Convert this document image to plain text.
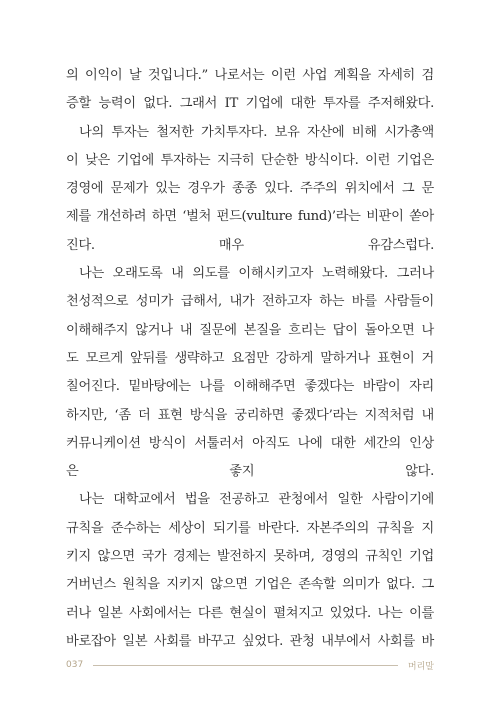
의 이익이 날 것입니다.” 나로서는 이런 사업 계획을 자세히 검
증할 능력이 없다. 그래서 IT 기업에 대한 투자를 주저해왔다.

나의 투자는 철저한 가치투자다. 보유 자산에 비해 시가총액
이 낮은 기업에 투자하는 지극히 단순한 방식이다. 이런 기업은
경영에 문제가 있는 경우가 종종 있다. 주주의 위치에서 그 문
제를 개선하려 하면 ‘벌처 펀드(vulture fund)’라는 비판이 쏟아
진다. 매우 유감스럽다.

나는 오래도록 내 의도를 이해시키고자 노력해왔다. 그러나
천성적으로 성미가 급해서, 내가 전하고자 하는 바를 사람들이
이해해주지 않거나 내 질문에 본질을 흐리는 답이 돌아오면 나
도 모르게 앞뒤를 생략하고 요점만 강하게 말하거나 표현이 거
칠어진다. 밑바탕에는 나를 이해해주면 좋겠다는 바람이 자리
하지만, ‘좀 더 표현 방식을 궁리하면 좋겠다’라는 지적처럼 내
커뮤니케이션 방식이 서툴러서 아직도 나에 대한 세간의 인상
은 좋지 않다.

나는 대학교에서 법을 전공하고 관청에서 일한 사람이기에
규칙을 준수하는 세상이 되기를 바란다. 자본주의의 규칙을 지
키지 않으면 국가 경제는 발전하지 못하며, 경영의 규칙인 기업
거버넌스 원칙을 지키지 않으면 기업은 존속할 의미가 없다. 그
러나 일본 사회에서는 다른 현실이 펼쳐지고 있었다. 나는 이를
바로잡아 일본 사회를 바꾸고 싶었다. 관청 내부에서 사회를 바

037	머리말
